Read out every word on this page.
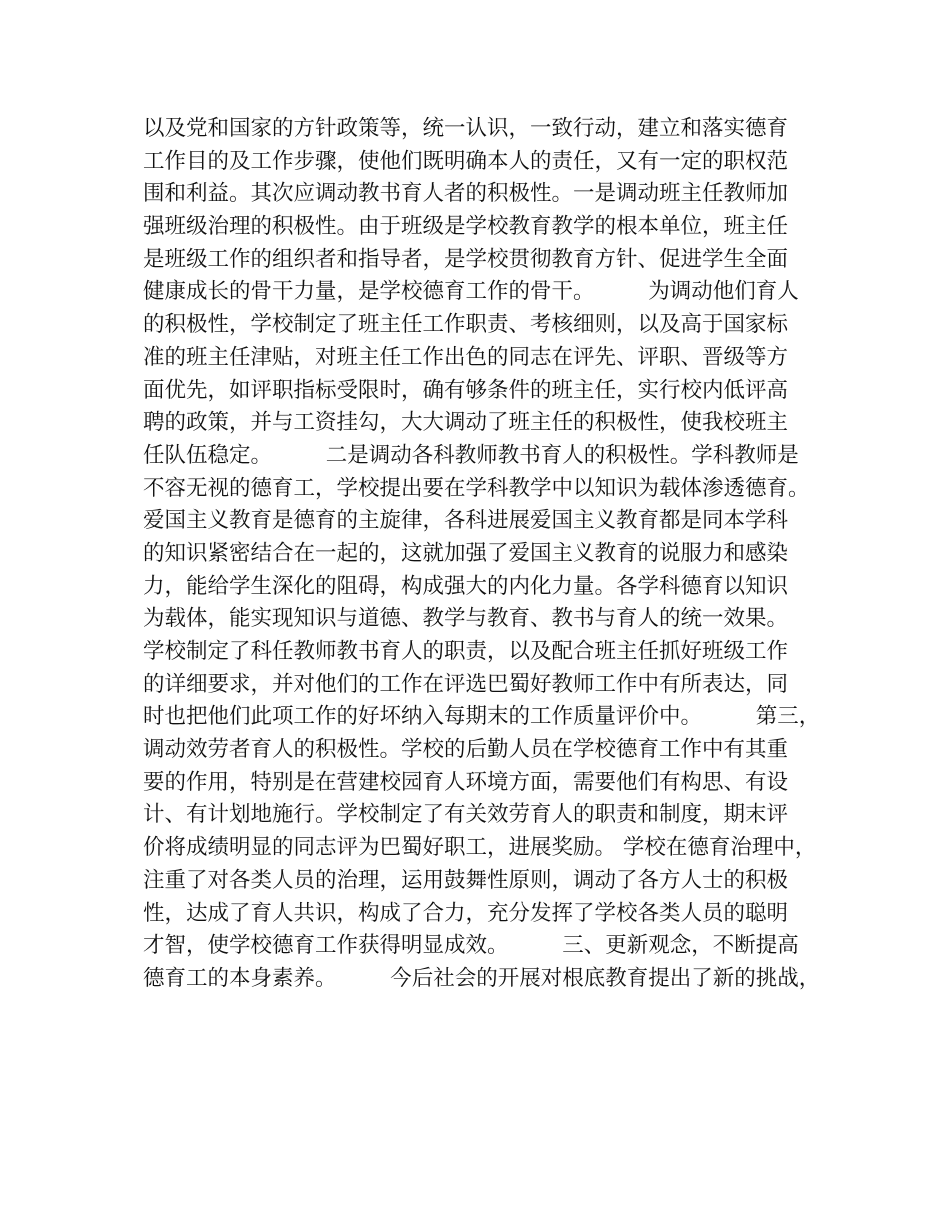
以及党和国家的方针政策等，统一认识，一致行动，建立和落实德育
工作目的及工作步骤，使他们既明确本人的责任，又有一定的职权范
围和利益。其次应调动教书育人者的积极性。一是调动班主任教师加
强班级治理的积极性。由于班级是学校教育教学的根本单位，班主任
是班级工作的组织者和指导者，是学校贯彻教育方针、促进学生全面
健康成长的骨干力量，是学校德育工作的骨干。　　　为调动他们育人
的积极性，学校制定了班主任工作职责、考核细则，以及高于国家标
准的班主任津贴，对班主任工作出色的同志在评先、评职、晋级等方
面优先，如评职指标受限时，确有够条件的班主任，实行校内低评高
聘的政策，并与工资挂勾，大大调动了班主任的积极性，使我校班主
任队伍稳定。　　　二是调动各科教师教书育人的积极性。学科教师是
不容无视的德育工，学校提出要在学科教学中以知识为载体渗透德育。
爱国主义教育是德育的主旋律，各科进展爱国主义教育都是同本学科
的知识紧密结合在一起的，这就加强了爱国主义教育的说服力和感染
力，能给学生深化的阻碍，构成强大的内化力量。各学科德育以知识
为载体，能实现知识与道德、教学与教育、教书与育人的统一效果。
学校制定了科任教师教书育人的职责，以及配合班主任抓好班级工作
的详细要求，并对他们的工作在评选巴蜀好教师工作中有所表达，同
时也把他们此项工作的好坏纳入每期末的工作质量评价中。　　　第三，
调动效劳者育人的积极性。学校的后勤人员在学校德育工作中有其重
要的作用，特别是在营建校园育人环境方面，需要他们有构思、有设
计、有计划地施行。学校制定了有关效劳育人的职责和制度，期末评
价将成绩明显的同志评为巴蜀好职工，进展奖励。 学校在德育治理中，
注重了对各类人员的治理，运用鼓舞性原则，调动了各方人士的积极
性，达成了育人共识，构成了合力，充分发挥了学校各类人员的聪明
才智，使学校德育工作获得明显成效。　　　三、更新观念，不断提高
德育工的本身素养。　　　今后社会的开展对根底教育提出了新的挑战，
